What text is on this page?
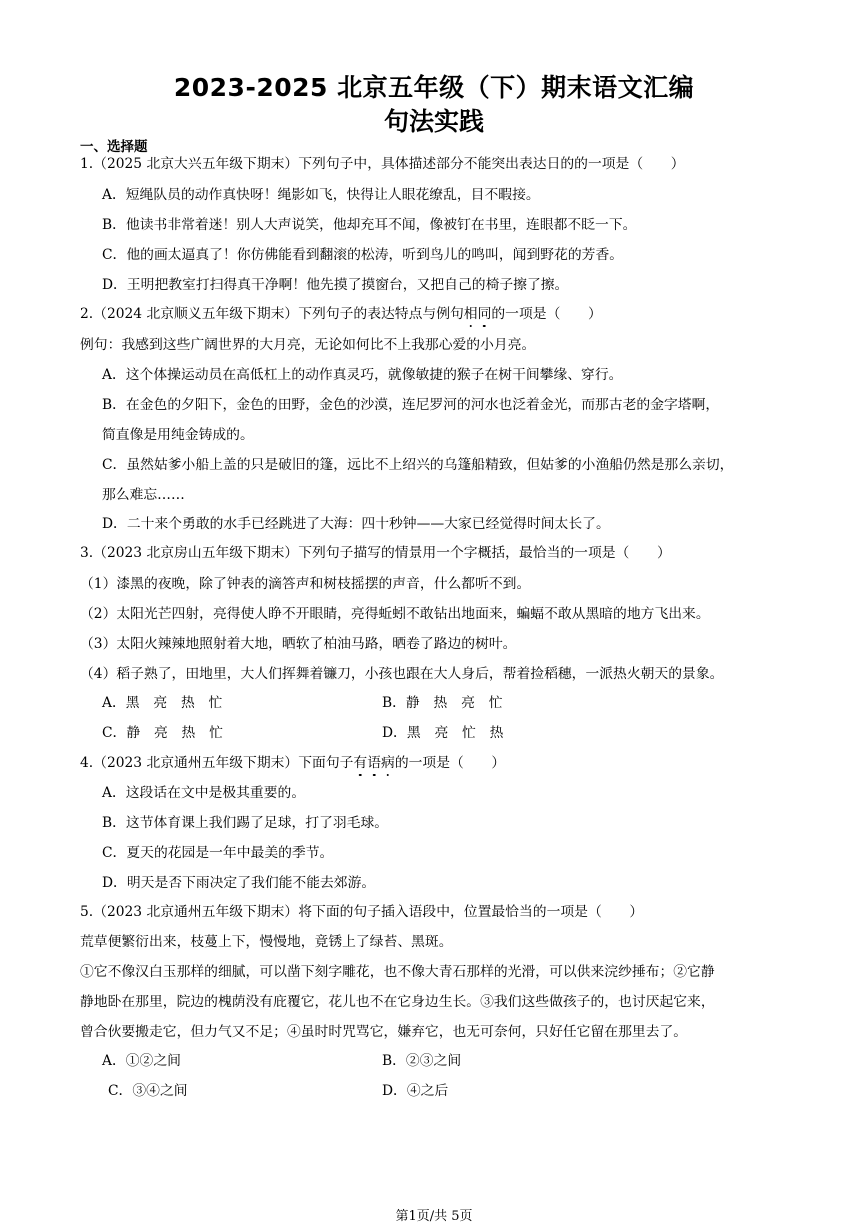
2023-2025 北京五年级（下）期末语文汇编
句法实践
一、选择题
1.（2025 北京大兴五年级下期末）下列句子中，具体描述部分不能突出表达日的的一项是（　　）
A．短绳队员的动作真快呀！绳影如飞，快得让人眼花缭乱，目不暇接。
B．他读书非常着迷！别人大声说笑，他却充耳不闻，像被钉在书里，连眼都不眨一下。
C．他的画太逼真了！你仿佛能看到翻滚的松涛，听到鸟儿的鸣叫，闻到野花的芳香。
D．王明把教室打扫得真干净啊！他先摸了摸窗台，又把自己的椅子擦了擦。
2.（2024 北京顺义五年级下期末）下列句子的表达特点与例句相同的一项是（　　）
例句：我感到这些广阔世界的大月亮，无论如何比不上我那心爱的小月亮。
A．这个体操运动员在高低杠上的动作真灵巧，就像敏捷的猴子在树干间攀缘、穿行。
B．在金色的夕阳下，金色的田野，金色的沙漠，连尼罗河的河水也泛着金光，而那古老的金字塔啊，
简直像是用纯金铸成的。
C．虽然姑爹小船上盖的只是破旧的篷，远比不上绍兴的乌篷船精致，但姑爹的小渔船仍然是那么亲切，
那么难忘……
D．二十来个勇敢的水手已经跳进了大海：四十秒钟——大家已经觉得时间太长了。
3.（2023 北京房山五年级下期末）下列句子描写的情景用一个字概括，最恰当的一项是（　　）
（1）漆黑的夜晚，除了钟表的滴答声和树枝摇摆的声音，什么都听不到。
（2）太阳光芒四射，亮得使人睁不开眼睛，亮得蚯蚓不敢钻出地面来，蝙蝠不敢从黑暗的地方飞出来。
（3）太阳火辣辣地照射着大地，晒软了柏油马路，晒卷了路边的树叶。
（4）稻子熟了，田地里，大人们挥舞着镰刀，小孩也跟在大人身后，帮着捡稻穗，一派热火朝天的景象。
A．黑　亮　热　忙	B．静　热　亮　忙
C．静　亮　热　忙	D．黑　亮　忙　热
4.（2023 北京通州五年级下期末）下面句子有语病的一项是（　　）
A．这段话在文中是极其重要的。
B．这节体育课上我们踢了足球，打了羽毛球。
C．夏天的花园是一年中最美的季节。
D．明天是否下雨决定了我们能不能去郊游。
5.（2023 北京通州五年级下期末）将下面的句子插入语段中，位置最恰当的一项是（　　）
荒草便繁衍出来，枝蔓上下，慢慢地，竟锈上了绿苔、黑斑。
①它不像汉白玉那样的细腻，可以凿下刻字雕花，也不像大青石那样的光滑，可以供来浣纱捶布；②它静
静地卧在那里，院边的槐荫没有庇覆它，花儿也不在它身边生长。③我们这些做孩子的，也讨厌起它来，
曾合伙要搬走它，但力气又不足；④虽时时咒骂它，嫌弃它，也无可奈何，只好任它留在那里去了。
A．①②之间	B．②③之间
C．③④之间	D．④之后
第1页/共 5页
